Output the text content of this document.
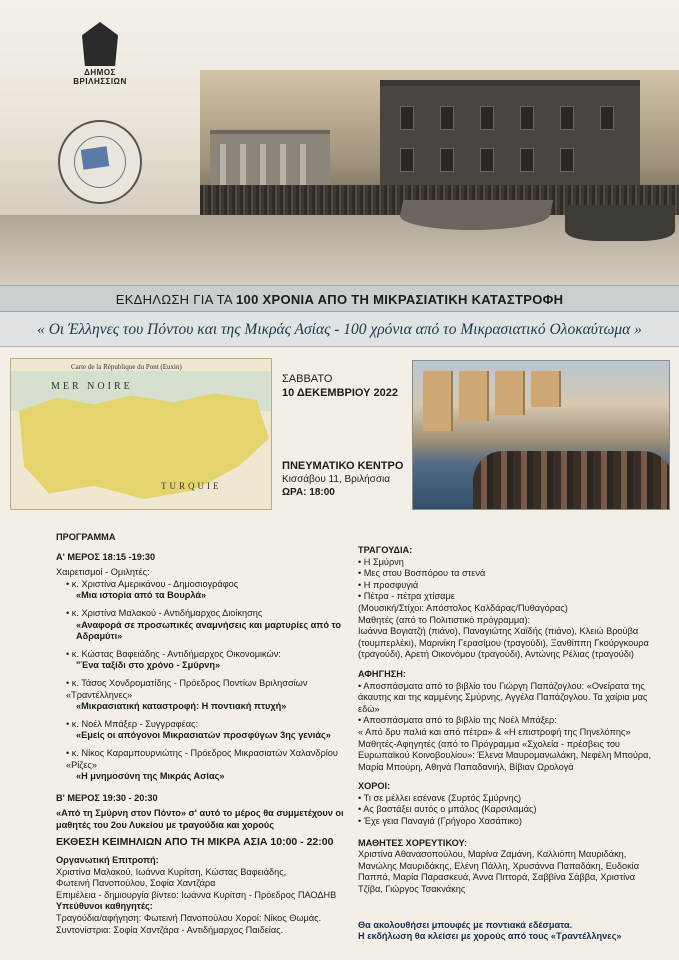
ΔΗΜΟΣ ΒΡΙΛΗΣΣΙΩΝ
ΕΚΔΗΛΩΣΗ ΓΙΑ ΤΑ 100 ΧΡΟΝΙΑ ΑΠΟ ΤΗ ΜΙΚΡΑΣΙΑΤΙΚΗ ΚΑΤΑΣΤΡΟΦΗ
« Οι Έλληνες του Πόντου και της Μικράς Ασίας - 100 χρόνια από το Μικρασιατικό Ολοκαύτωμα »
Carte de la République du Pont (Euxin)
MER NOIRE
TURQUIE
ΣΑΒΒΑΤΟ
10 ΔΕΚΕΜΒΡΙΟΥ 2022
ΠΝΕΥΜΑΤΙΚΟ ΚΕΝΤΡΟ
Κισσάβου 11, Βριλήσσια
ΩΡΑ: 18:00
ΠΡΟΓΡΑΜΜΑ
Α' ΜΕΡΟΣ 18:15 -19:30
Χαιρετισμοί - Ομιλητές:
• κ. Χριστίνα Αμερικάνου - Δημοσιογράφος
«Μια ιστορία από τα Βουρλά»
• κ. Χριστίνα Μαλακού - Αντιδήμαρχος Διοίκησης
«Αναφορά σε προσωπικές αναμνήσεις και μαρτυρίες από το Αδραμύτι»
• κ. Κώστας Βαφειάδης - Αντιδήμαρχος Οικονομικών:
"Ένα ταξίδι στο χρόνο - Σμύρνη»
• κ. Τάσος Χονδρoματίδης - Πρόεδρος Ποντίων Βριλησσίων «Τραντέλληνες»
«Μικρασιατική καταστροφή: Η ποντιακή πτυχή»
• κ. Νοέλ Μπάξερ - Συγγραφέας:
«Εμείς οι απόγονοι Μικρασιατών προσφύγων 3ης γενιάς»
• κ. Νίκος Καραμπουρνιώτης - Πρόεδρος Μικρασιατών Χαλανδρίου «Ρίζες»
«Η μνημοσύνη της Μικράς Ασίας»
Β' ΜΕΡΟΣ 19:30 - 20:30
«Από τη Σμύρνη στον Πόντο» σ' αυτό το μέρος θα συμμετέχουν οι μαθητές του 2ου Λυκείου με τραγούδια και χορούς
ΕΚΘΕΣΗ ΚΕΙΜΗΛΙΩΝ ΑΠΟ ΤΗ ΜΙΚΡΑ ΑΣΙΑ 10:00 - 22:00
Οργανωτική Επιτροπή:
Χριστίνα Μαλακού, Ιωάννα Κυρίτση, Κώστας Βαφειάδης,
Φωτεινή Πανοπούλου, Σοφία Χαντζάρα
Επιμέλεια - δημιουργία βίντεο: Ιωάννα Κυρίτση - Πρόεδρος ΠΑΟΔΗΒ
Υπεύθυνοι καθηγητές:
Τραγούδια/αφήγηση: Φωτεινή Πανοπούλου Χοροί: Νίκος Θωμάς.
Συντονίστρια: Σοφία Χαντζάρα - Αντιδήμαρχος Παιδείας.
ΤΡΑΓΟΥΔΙΑ:
• Η Σμύρνη
• Μες στου Βοσπόρου τα στενά
• Η προσφυγιά
• Πέτρα - πέτρα χτίσαμε
(Μουσική/Στίχοι: Απόστολος Καλδάρας/Πυθαγόρας)
Μαθητές (από το Πολιτιστικό πρόγραμμα):
Ιωάννα Βογιατζή (πιάνο), Παναγιώτης Χαϊδής (πιάνο), Κλειώ Βρούβα (τουμπερλέκι), Μαρινίκη Γερασίμου (τραγούδι), Ξανθίππη Γκούργκουρα (τραγούδι), Αρετή Οικονόμου (τραγούδι), Αντώνης Ρέλιας (τραγούδι)
ΑΦΗΓΗΣΗ:
• Αποσπάσματα από το βιβλίο του Γιώργη Παπάζογλου: «Ονείρατα της άκαυτης και της καμμένης Σμύρνης, Αγγέλα Παπάζογλου. Τα χαίρια μας εδώ»
• Αποσπάσματα από το βιβλίο της Νοέλ Μπάξερ:
« Από δρυ παλιά και από πέτρα» & «Η επιστροφή της Πηνελόπης»
Μαθητές-Αφηγητές (από το Πρόγραμμα «Σχολεία - πρέσβεις του Ευρωπαϊκού Κοινοβουλίου»: Έλενα Μαυρομανωλάκη, Νεφέλη Μπούρα, Μαρία Μπούρη, Αθηνά Παπαδανιήλ, Βίβιαν Ωρολογά
ΧΟΡΟΙ:
• Τι σε μέλλει εσένανε (Συρτός Σμύρνης)
• Ας βαστάξει αυτός ο μπάλος (Καρσιλαμάς)
• Έχε γεια Παναγιά (Γρήγορο Χασάπικο)
ΜΑΘΗΤΕΣ ΧΟΡΕΥΤΙΚΟΥ:
Χριστίνα Αθανασοπούλου, Μαρίνα Ζαμάνη, Καλλιόπη Μαυριδάκη, Μανώλης Μαυριδάκης, Ελένη Πάλλη, Χρυσάννα Παπαδάκη, Ευδοκία Παππά, Μαρία Παρασκευά, Άννα Πιττορά, Σαββίνα Σάββα, Χριστίνα Τζίβα, Γιώργος Τσακνάκης
Θα ακολουθήσει μπουφές με ποντιακά εδέσματα.
Η εκδήλωση θα κλείσει με χορούς από τους «Τραντέλληνες»
